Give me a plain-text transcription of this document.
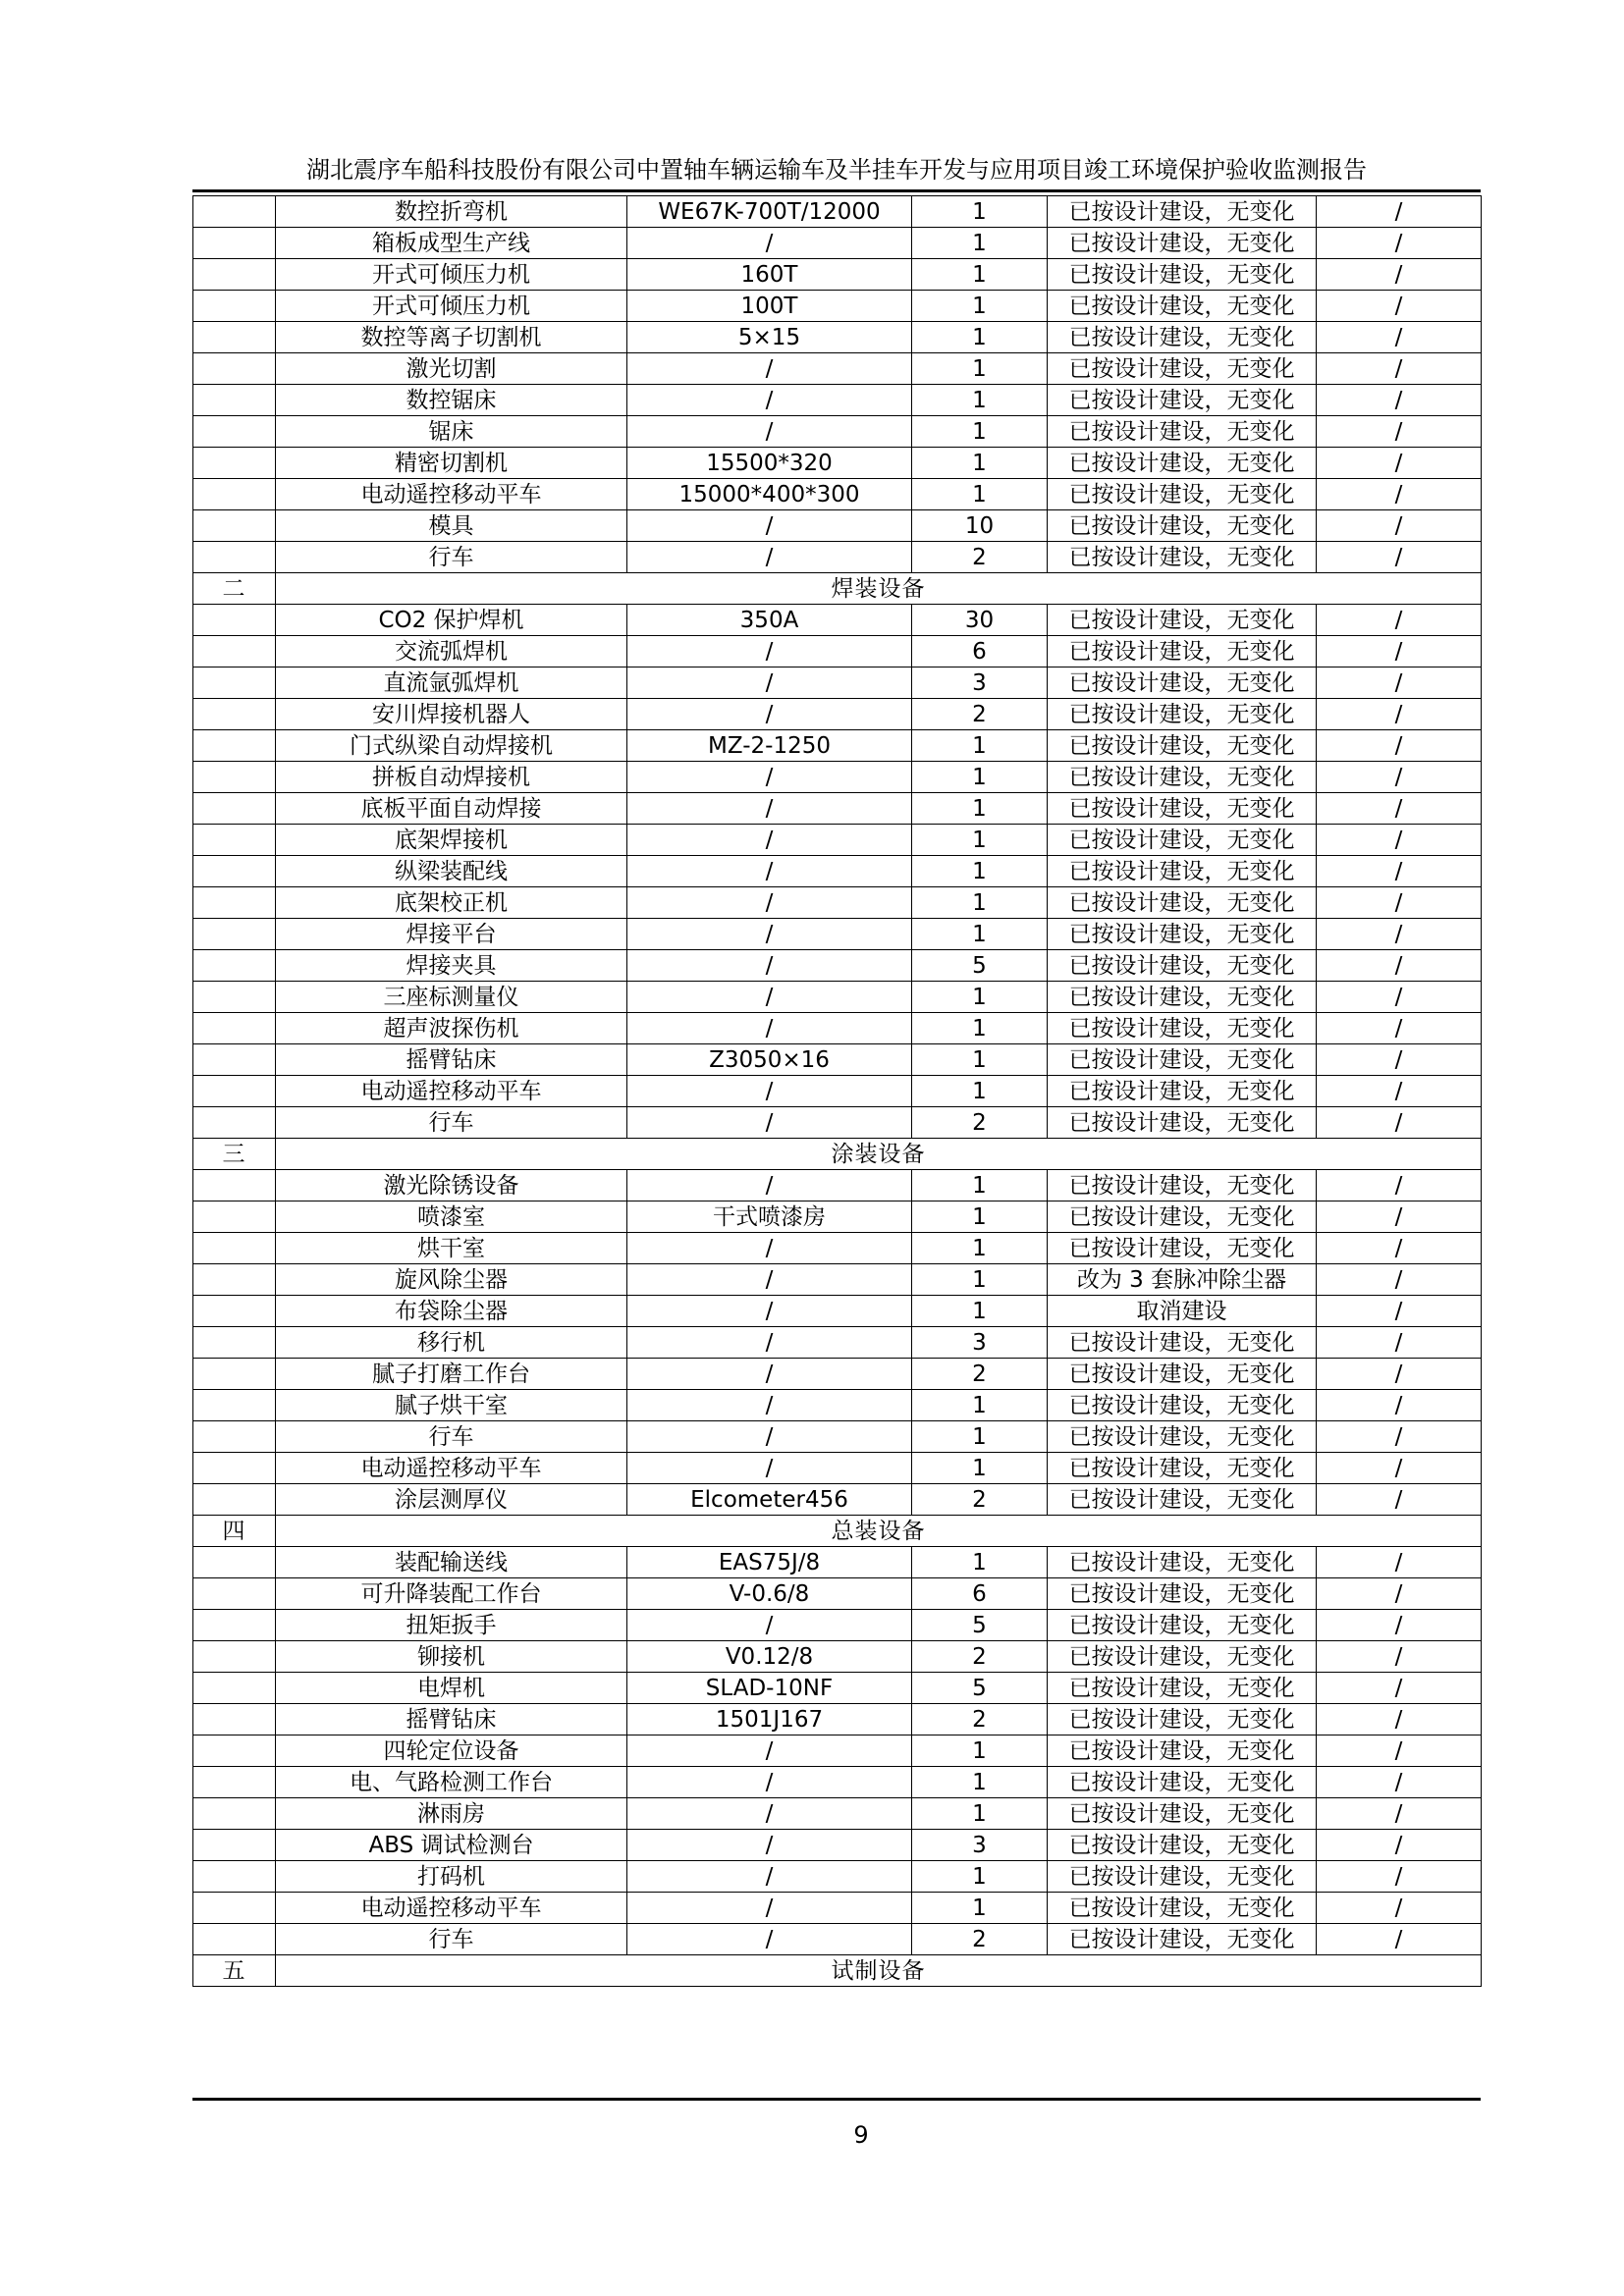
湖北震序车船科技股份有限公司中置轴车辆运输车及半挂车开发与应用项目竣工环境保护验收监测报告
	数控折弯机	WE67K-700T/12000	1	已按设计建设，无变化	/
	箱板成型生产线	/	1	已按设计建设，无变化	/
	开式可倾压力机	160T	1	已按设计建设，无变化	/
	开式可倾压力机	100T	1	已按设计建设，无变化	/
	数控等离子切割机	5×15	1	已按设计建设，无变化	/
	激光切割	/	1	已按设计建设，无变化	/
	数控锯床	/	1	已按设计建设，无变化	/
	锯床	/	1	已按设计建设，无变化	/
	精密切割机	15500*320	1	已按设计建设，无变化	/
	电动遥控移动平车	15000*400*300	1	已按设计建设，无变化	/
	模具	/	10	已按设计建设，无变化	/
	行车	/	2	已按设计建设，无变化	/
二	焊装设备				
	CO2 保护焊机	350A	30	已按设计建设，无变化	/
	交流弧焊机	/	6	已按设计建设，无变化	/
	直流氩弧焊机	/	3	已按设计建设，无变化	/
	安川焊接机器人	/	2	已按设计建设，无变化	/
	门式纵梁自动焊接机	MZ-2-1250	1	已按设计建设，无变化	/
	拼板自动焊接机	/	1	已按设计建设，无变化	/
	底板平面自动焊接	/	1	已按设计建设，无变化	/
	底架焊接机	/	1	已按设计建设，无变化	/
	纵梁装配线	/	1	已按设计建设，无变化	/
	底架校正机	/	1	已按设计建设，无变化	/
	焊接平台	/	1	已按设计建设，无变化	/
	焊接夹具	/	5	已按设计建设，无变化	/
	三座标测量仪	/	1	已按设计建设，无变化	/
	超声波探伤机	/	1	已按设计建设，无变化	/
	摇臂钻床	Z3050×16	1	已按设计建设，无变化	/
	电动遥控移动平车	/	1	已按设计建设，无变化	/
	行车	/	2	已按设计建设，无变化	/
三	涂装设备				
	激光除锈设备	/	1	已按设计建设，无变化	/
	喷漆室	干式喷漆房	1	已按设计建设，无变化	/
	烘干室	/	1	已按设计建设，无变化	/
	旋风除尘器	/	1	改为 3 套脉冲除尘器	/
	布袋除尘器	/	1	取消建设	/
	移行机	/	3	已按设计建设，无变化	/
	腻子打磨工作台	/	2	已按设计建设，无变化	/
	腻子烘干室	/	1	已按设计建设，无变化	/
	行车	/	1	已按设计建设，无变化	/
	电动遥控移动平车	/	1	已按设计建设，无变化	/
	涂层测厚仪	Elcometer456	2	已按设计建设，无变化	/
四	总装设备				
	装配输送线	EAS75J/8	1	已按设计建设，无变化	/
	可升降装配工作台	V-0.6/8	6	已按设计建设，无变化	/
	扭矩扳手	/	5	已按设计建设，无变化	/
	铆接机	V0.12/8	2	已按设计建设，无变化	/
	电焊机	SLAD-10NF	5	已按设计建设，无变化	/
	摇臂钻床	1501J167	2	已按设计建设，无变化	/
	四轮定位设备	/	1	已按设计建设，无变化	/
	电、气路检测工作台	/	1	已按设计建设，无变化	/
	淋雨房	/	1	已按设计建设，无变化	/
	ABS 调试检测台	/	3	已按设计建设，无变化	/
	打码机	/	1	已按设计建设，无变化	/
	电动遥控移动平车	/	1	已按设计建设，无变化	/
	行车	/	2	已按设计建设，无变化	/
五	试制设备				
9
